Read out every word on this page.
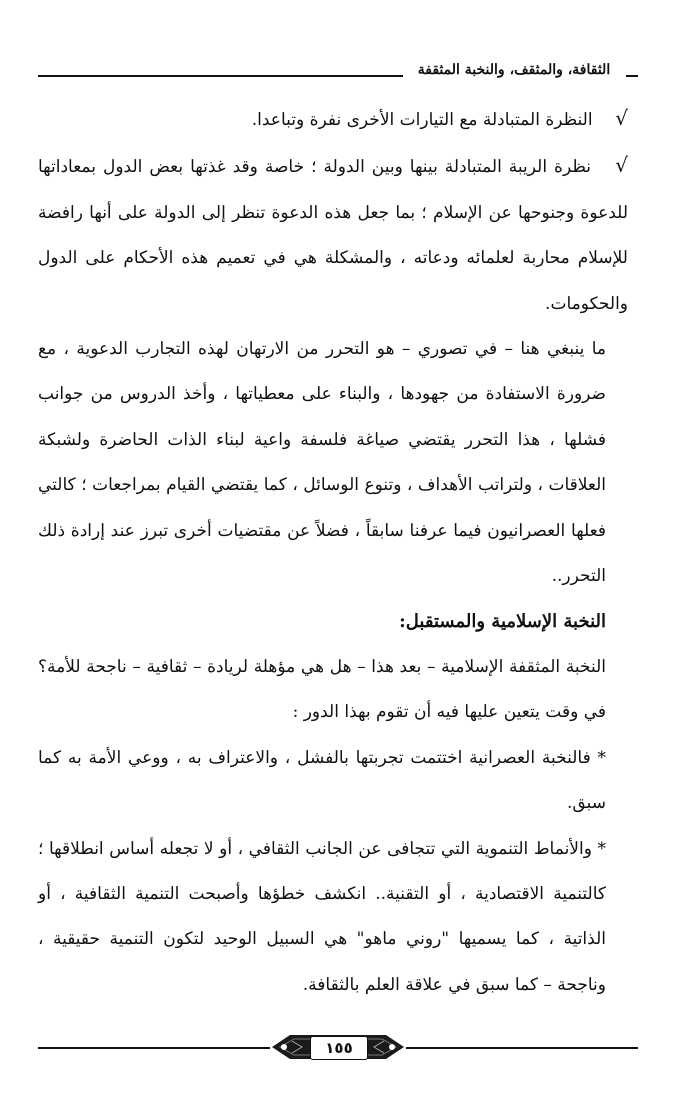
الثقافة، والمثقف، والنخبة المثقفة

√ النظرة المتبادلة مع التيارات الأخرى نفرة وتباعدا.

√ نظرة الريبة المتبادلة بينها وبين الدولة ؛ خاصة وقد غذتها بعض الدول بمعاداتها للدعوة وجنوحها عن الإسلام ؛ بما جعل هذه الدعوة تنظر إلى الدولة على أنها رافضة للإسلام محاربة لعلمائه ودعاته ، والمشكلة هي في تعميم هذه الأحكام على الدول والحكومات.

ما ينبغي هنا – في تصوري – هو التحرر من الارتهان لهذه التجارب الدعوية ، مع ضرورة الاستفادة من جهودها ، والبناء على معطياتها ، وأخذ الدروس من جوانب فشلها ، هذا التحرر يقتضي صياغة فلسفة واعية لبناء الذات الحاضرة ولشبكة العلاقات ، ولتراتب الأهداف ، وتنوع الوسائل ، كما يقتضي القيام بمراجعات ؛ كالتي فعلها العصرانيون فيما عرفنا سابقاً ، فضلاً عن مقتضيات أخرى تبرز عند إرادة ذلك التحرر..

النخبة الإسلامية والمستقبل:

النخبة المثقفة الإسلامية – بعد هذا – هل هي مؤهلة لريادة – ثقافية – ناجحة للأمة؟ في وقت يتعين عليها فيه أن تقوم بهذا الدور :

* فالنخبة العصرانية اختتمت تجربتها بالفشل ، والاعتراف به ، ووعي الأمة به كما سبق.

* والأنماط التنموية التي تتجافى عن الجانب الثقافي ، أو لا تجعله أساس انطلاقها ؛ كالتنمية الاقتصادية ، أو التقنية.. انكشف خطؤها وأصبحت التنمية الثقافية ، أو الذاتية ، كما يسميها "روني ماهو" هي السبيل الوحيد لتكون التنمية حقيقية ، وناجحة – كما سبق في علاقة العلم بالثقافة.

١٥٥
